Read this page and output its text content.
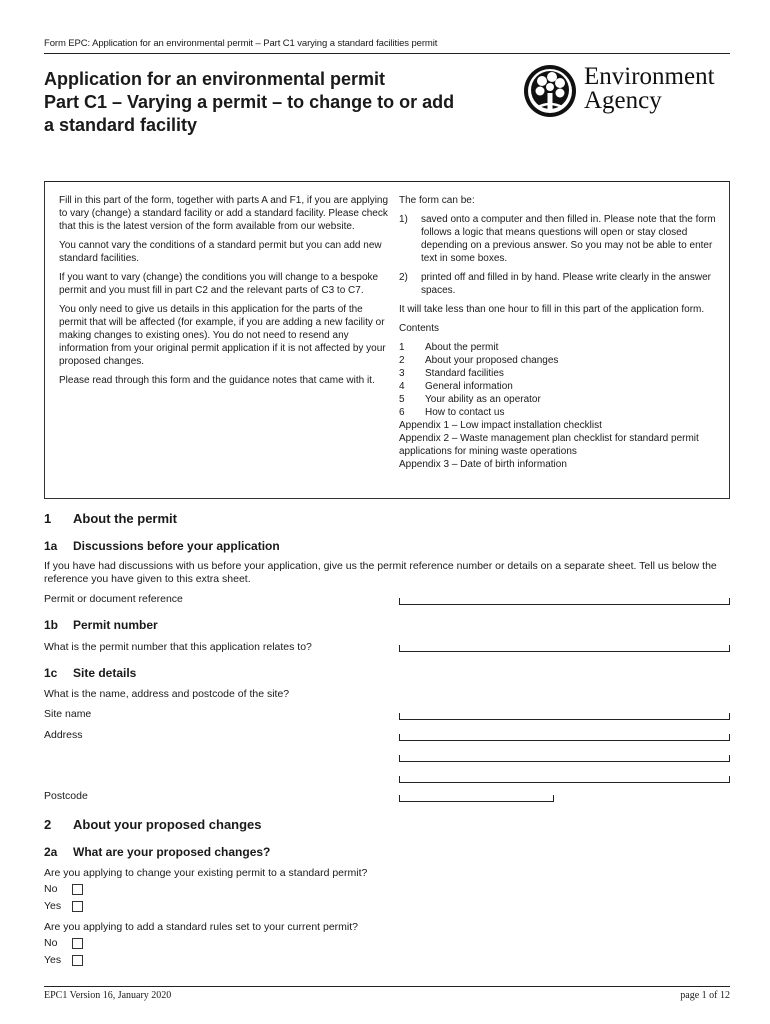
Form EPC: Application for an environmental permit – Part C1 varying a standard facilities permit
Application for an environmental permit
Part C1 – Varying a permit – to change to or add
a standard facility
Environment
Agency

Fill in this part of the form, together with parts A and F1, if you are applying to vary (change) a standard facility or add a standard facility. Please check that this is the latest version of the form available from our website.

You cannot vary the conditions of a standard permit but you can add new standard facilities.

If you want to vary (change) the conditions you will change to a bespoke permit and you must fill in part C2 and the relevant parts of C3 to C7.

You only need to give us details in this application for the parts of the permit that will be affected (for example, if you are adding a new facility or making changes to existing ones). You do not need to resend any information from your original permit application if it is not affected by your proposed changes.

Please read through this form and the guidance notes that came with it.

The form can be:

1)	saved onto a computer and then filled in. Please note that the form follows a logic that means questions will open or stay closed depending on a previous answer. So you may not be able to enter text in some boxes.
2)	printed off and filled in by hand. Please write clearly in the answer spaces.

It will take less than one hour to fill in this part of the application form.

Contents

1	About the permit
2	About your proposed changes
3	Standard facilities
4	General information
5	Your ability as an operator
6	How to contact us
Appendix 1 – Low impact installation checklist
Appendix 2 – Waste management plan checklist for standard permit applications for mining waste operations
Appendix 3 – Date of birth information
1 About the permit
1a Discussions before your application
If you have had discussions with us before your application, give us the permit reference number or details on a separate sheet. Tell us below the reference you have given to this extra sheet.
Permit or document reference
1b Permit number
What is the permit number that this application relates to?
1c Site details
What is the name, address and postcode of the site?
Site name
Address
Postcode
2 About your proposed changes
2a What are your proposed changes?
Are you applying to change your existing permit to a standard permit?
No
Yes
Are you applying to add a standard rules set to your current permit?
No
Yes
EPC1 Version 16, January 2020	page 1 of 12
